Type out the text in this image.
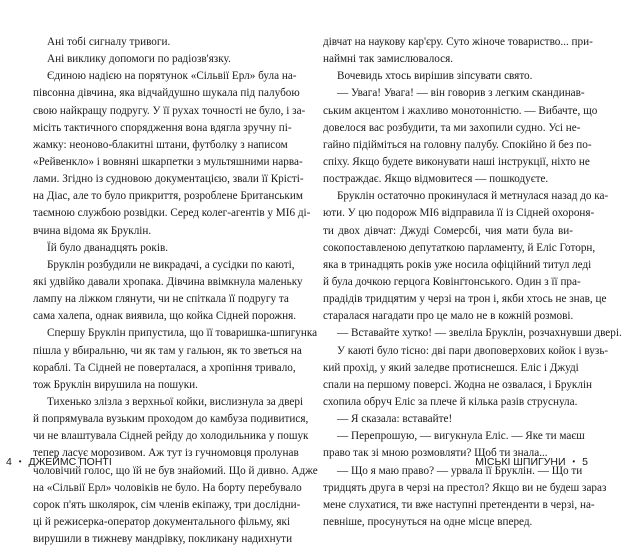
Ані тобі сигналу тривоги.
Ані виклику допомоги по радіозв'язку.
Єдиною надією на порятунок «Сільвії Ерл» була на-
півсонна дівчина, яка відчайдушно шукала під палубою
свою найкращу подругу. У її рухах точності не було, і за-
місіть тактичного спорядження вона вдягла зручну пі-
жамку: неоново-блакитні штани, футболку з написом
«Рейвенкло» і вовняні шкарпетки з мультяшними нарва-
лами. Згідно із судновою документацією, звали її Крісті-
на Діас, але то було прикриття, розроблене Британським
таємною службою розвідки. Серед колег-агентів у МІ6 ді-
вчина відома як Бруклін.
Їй було дванадцять років.
Бруклін розбудили не викрадачі, а сусідки по каюті,
які удвійко давали хропака. Дівчина ввімкнула маленьку
лампу на ліжком глянути, чи не спіткала її подругу та
сама халепа, однак виявила, що койка Сідней порожня.
Спершу Бруклін припустила, що її товаришка-шпигунка
пішла у вбиральню, чи як там у гальюн, як то зветься на
кораблі. Та Сідней не поверталася, а хропіння тривало,
тож Бруклін вирушила на пошуки.
Тихенько злізла з верхньої койки, вислизнула за двері
й попрямувала вузьким проходом до камбуза подивитися,
чи не влаштувала Сідней рейду до холодильника у пошук
тепер ласує морозивом. Аж тут із гучномовця пролунав
чоловічий голос, що їй не був знайомий. Що й дивно. Адже
на «Сільвії Ерл» чоловіків не було. На борту перебувало
сорок п'ять школярок, сім членів екіпажу, три дослідни-
ці й режисерка-оператор документального фільму, які
вирушили в тижневу мандрівку, покликану надихнути
дівчат на наукову кар'єру. Суто жіноче товариство... при-
наймні так замислювалося.
Вочевидь хтось вирішив зіпсувати свято.
— Увага! Увага! — він говорив з легким скандинав-
ським акцентом і жахливо монотонністю. — Вибачте, що
довелося вас розбудити, та ми захопили судно. Усі не-
гайно підійміться на головну палубу. Спокійно й без по-
спіху. Якщо будете виконувати наші інструкції, ніхто не
постраждає. Якщо відмовитеся — пошкодуєте.
Бруклін остаточно прокинулася й метнулася назад до ка-
юти. У цю подорож МІ6 відправила її із Сідней охороня-
ти двох дівчат: Джуді Сомерсбі, чия мати була ви-
сокопоставленою депутаткою парламенту, й Еліс Готорн,
яка в тринадцять років уже носила офіційний титул леді
й була дочкою герцога Ковінґтонського. Один з її пра-
прадідів тридцятим у черзі на трон і, якби хтось не знав, це
старалася нагадати про це мало не в кожній розмові.
— Вставайте хутко! — звеліла Бруклін, розчахнувши двері.
У каюті було тісно: дві пари двоповерхових койок і вузь-
кий прохід, у який заледве протиснешся. Еліс і Джуді
спали на першому поверсі. Жодна не озвалася, і Бруклін
схопила обруч Еліс за плече й кілька разів струснула.
— Я сказала: вставайте!
— Перепрошую, — вигукнула Еліс. — Яке ти маєш
право так зі мною розмовляти? Щоб ти знала...
— Що я маю право? — урвала її Бруклін. — Що ти
тридцять друга в черзі на престол? Якщо ви не будеш зараз
мене слухатися, ти вже наступні претенденти в черзі, на-
певніше, просунуться на одне місце вперед.
4 • ДЖЕЙМС ПОНТІ	МІСЬКІ ШПИГУНИ • 5
